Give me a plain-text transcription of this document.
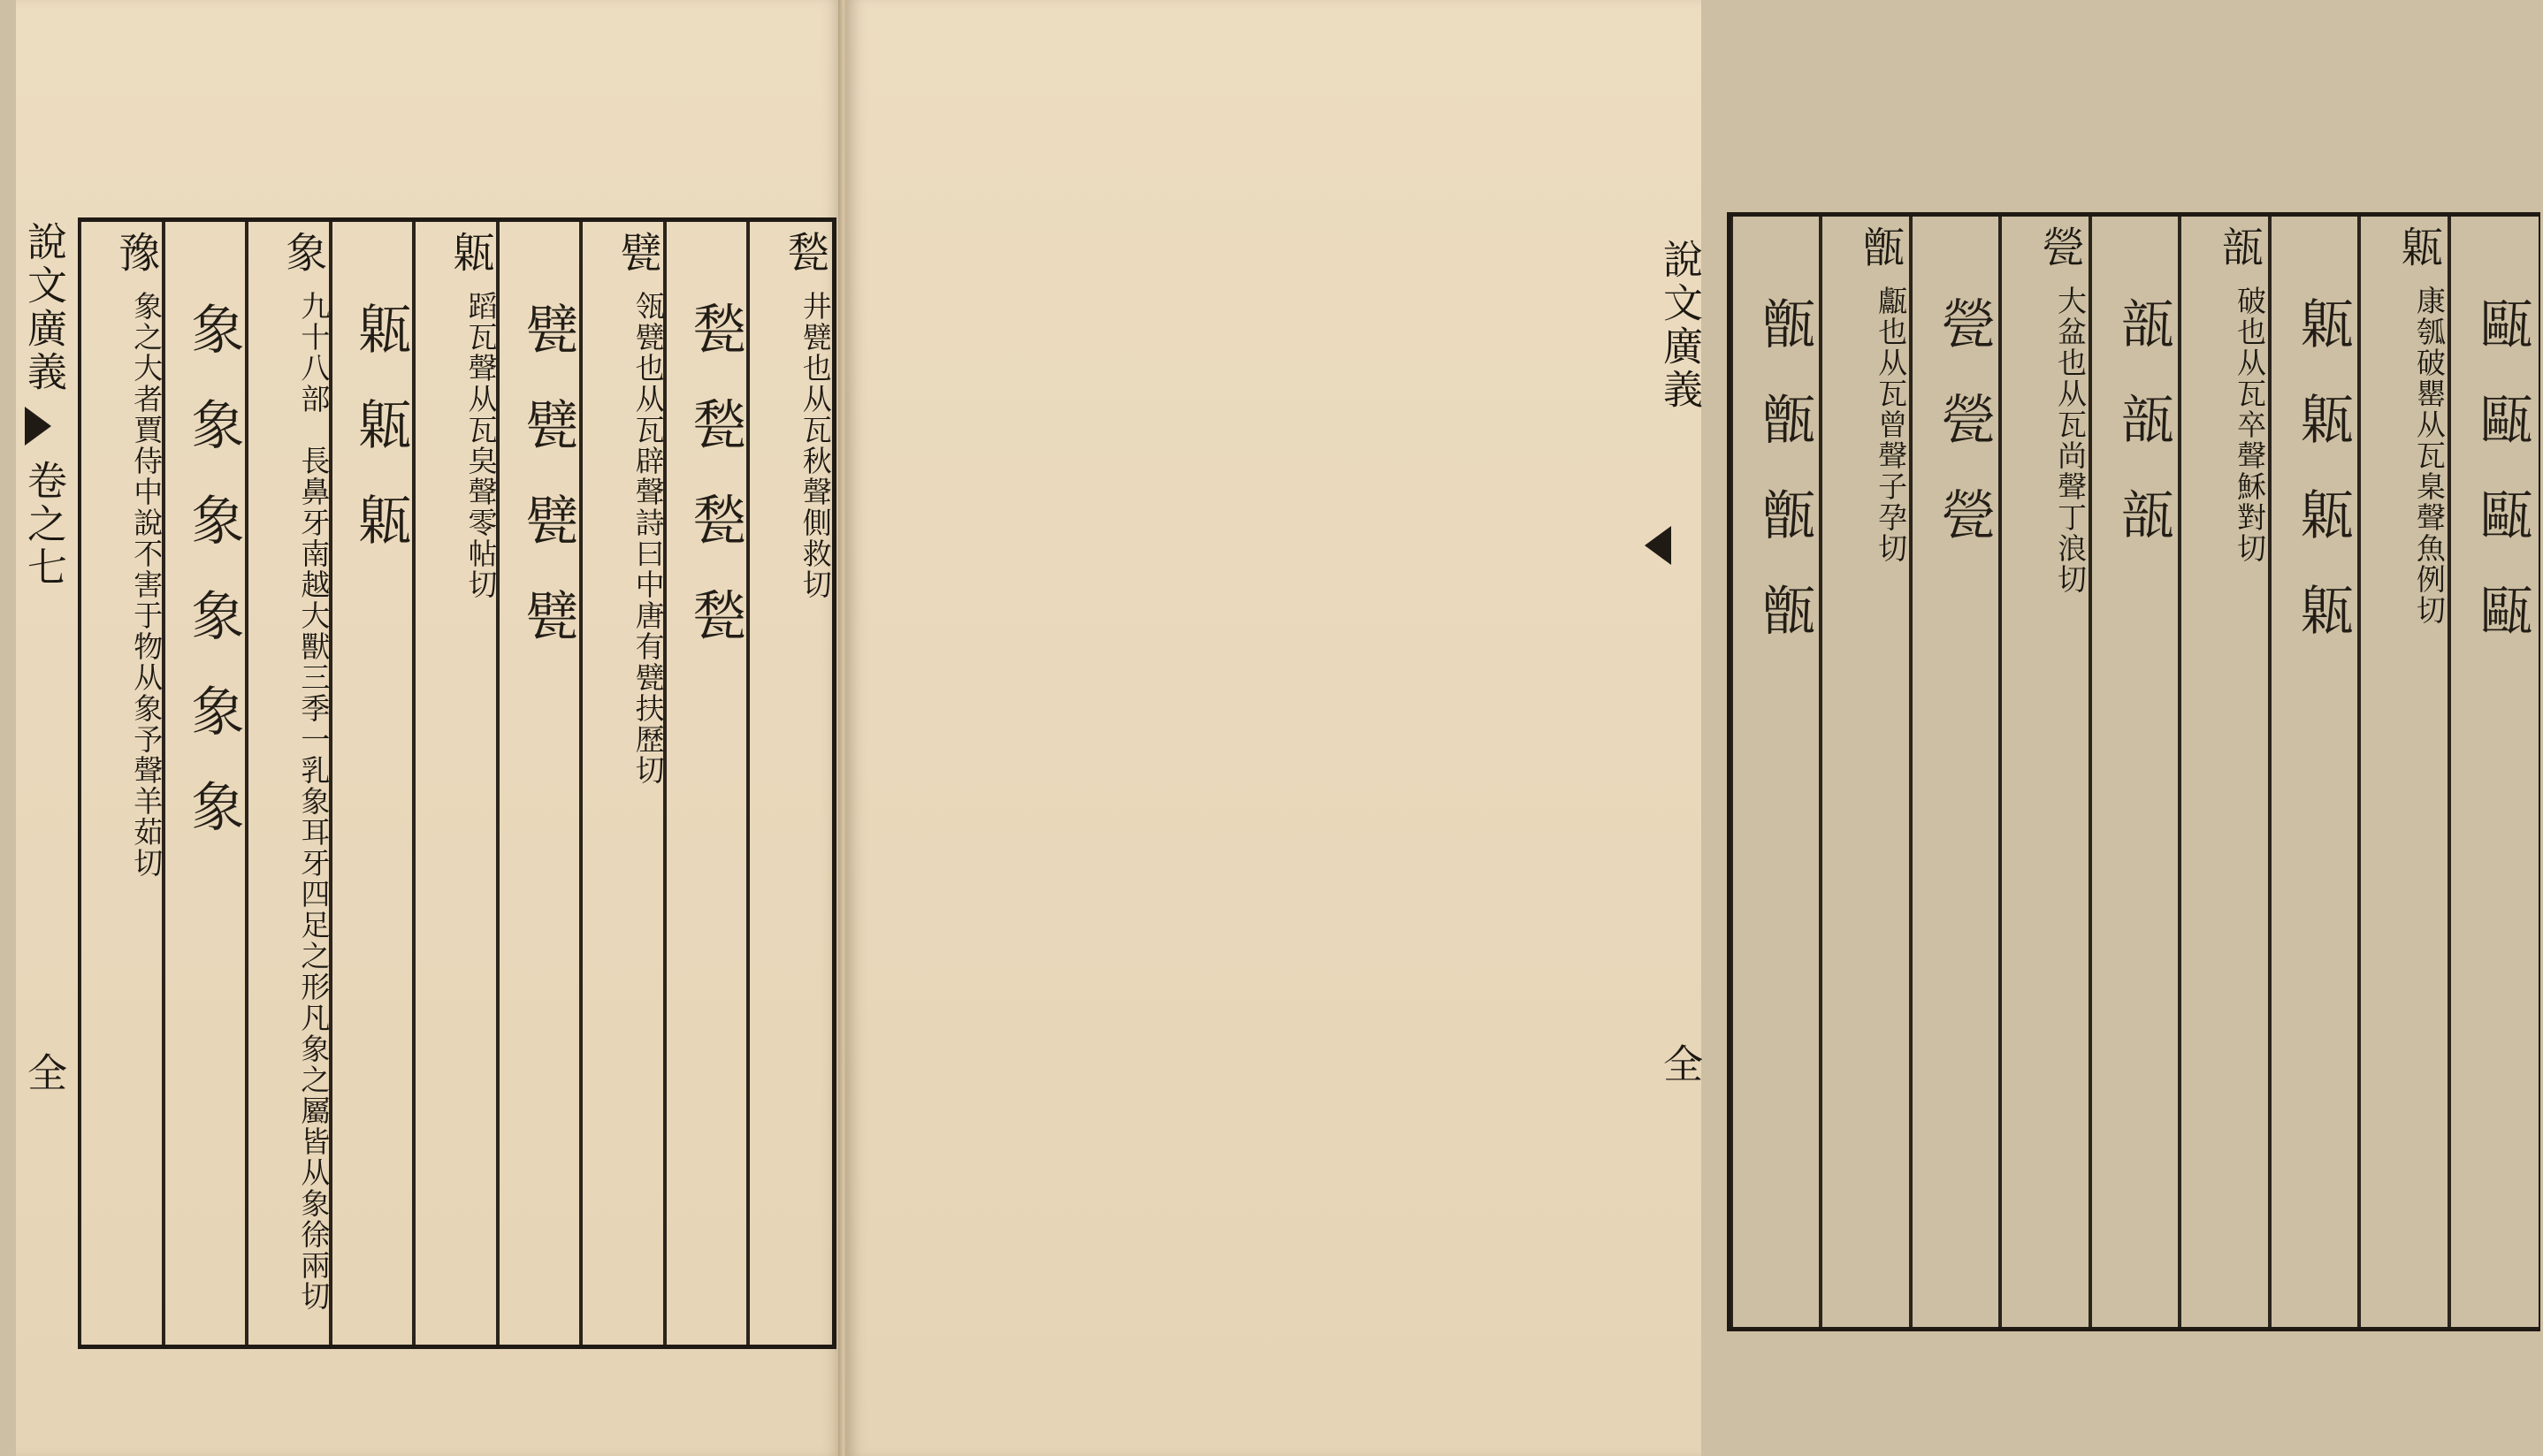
說文廣義
卷之七
全
甃
井甓也从瓦秋聲側救切
甃甃甃甃
甓
瓴甓也从瓦辟聲詩曰中唐有甓扶歷切
甓甓甓甓
甈
蹈瓦聲从瓦㚖聲零帖切
甈甈甈
象
九十八部　長鼻牙南越大獸三季一乳象耳牙四足之形凡象之屬皆从象徐兩切
象象象象象象
豫
象之大者賈侍中說不害于物从象予聲羊茹切	甌甌甌甌
甈
康瓠破罌从瓦臬聲魚例切
甈甈甈甈
瓿
破也从瓦卒聲穌對切
瓿瓿瓿
甇
大盆也从瓦尚聲丁浪切
甇甇甇
甑
甗也从瓦曾聲子孕切
甑甑甑甑
說文廣義
全
